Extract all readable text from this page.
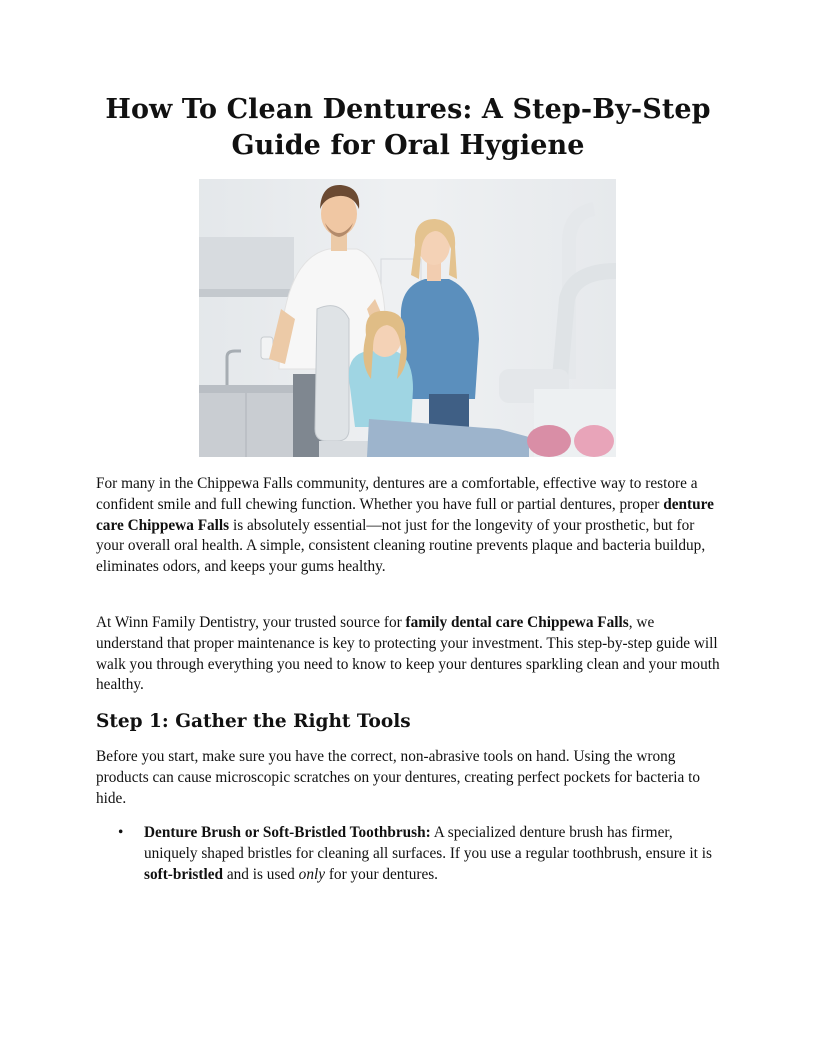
How To Clean Dentures: A Step-By-Step Guide for Oral Hygiene

For many in the Chippewa Falls community, dentures are a comfortable, effective way to restore a confident smile and full chewing function. Whether you have full or partial dentures, proper denture care Chippewa Falls is absolutely essential—not just for the longevity of your prosthetic, but for your overall oral health. A simple, consistent cleaning routine prevents plaque and bacteria buildup, eliminates odors, and keeps your gums healthy.

At Winn Family Dentistry, your trusted source for family dental care Chippewa Falls, we understand that proper maintenance is key to protecting your investment. This step-by-step guide will walk you through everything you need to know to keep your dentures sparkling clean and your mouth healthy.

Step 1: Gather the Right Tools

Before you start, make sure you have the correct, non-abrasive tools on hand. Using the wrong products can cause microscopic scratches on your dentures, creating perfect pockets for bacteria to hide.

• Denture Brush or Soft-Bristled Toothbrush: A specialized denture brush has firmer, uniquely shaped bristles for cleaning all surfaces. If you use a regular toothbrush, ensure it is soft-bristled and is used only for your dentures.
